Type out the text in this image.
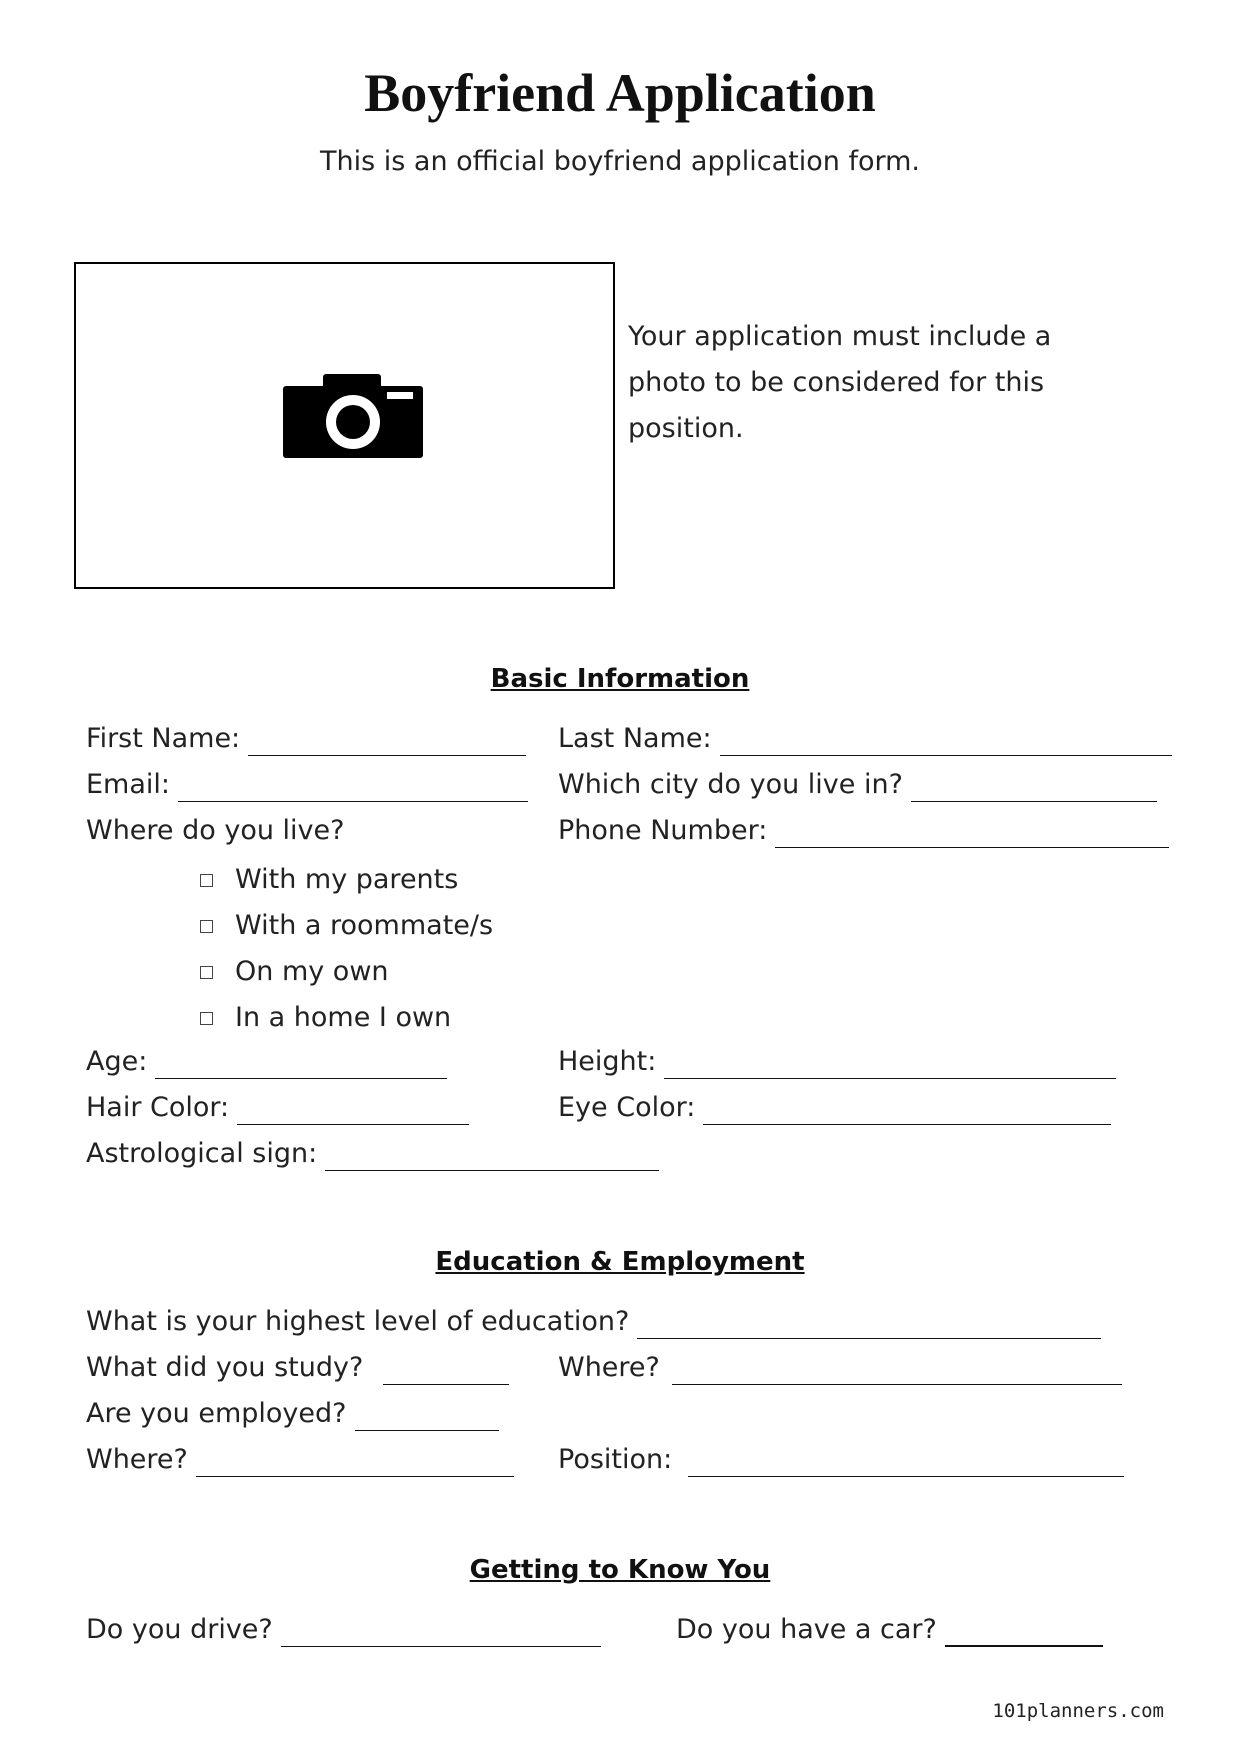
Boyfriend Application

This is an official boyfriend application form.

Your application must include a photo to be considered for this position.

Basic Information
First Name:	Last Name:
Email:	Which city do you live in?
Where do you live?	Phone Number:
With my parents
With a roommate/s
On my own
In a home I own
Age:	Height:
Hair Color:	Eye Color:
Astrological sign:
Education & Employment
What is your highest level of education?
What did you study?	Where?
Are you employed?
Where?	Position:
Getting to Know You
Do you drive?	Do you have a car?
101planners.com
